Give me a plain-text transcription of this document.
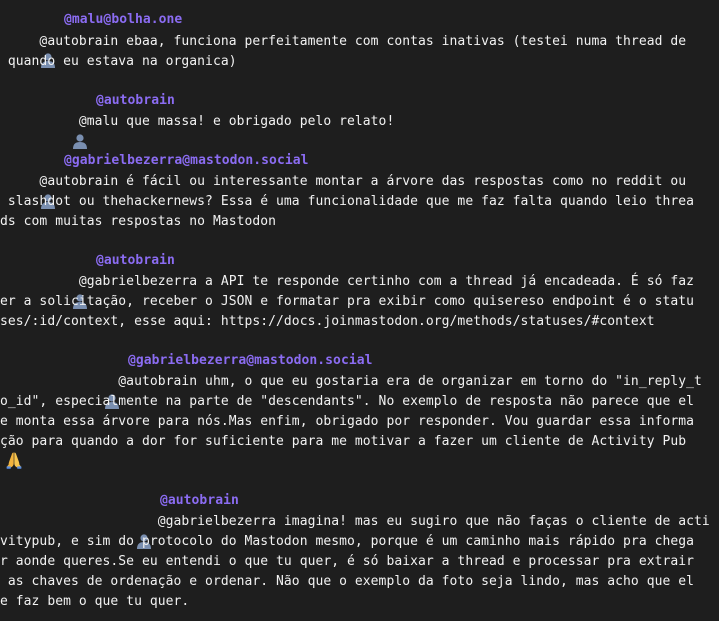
@malu@bolha.one

@autobrain ebaa, funciona perfeitamente com contas inativas (testei numa thread de
quando eu estava na organica)

@autobrain

@malu que massa! e obrigado pelo relato!

@gabrielbezerra@mastodon.social

@autobrain é fácil ou interessante montar a árvore das respostas como no reddit ou
slashdot ou thehackernews? Essa é uma funcionalidade que me faz falta quando leio threa
ds com muitas respostas no Mastodon

@autobrain

@gabrielbezerra a API te responde certinho com a thread já encadeada. É só faz
er a solicitação, receber o JSON e formatar pra exibir como quisereso endpoint é o statu
ses/:id/context, esse aqui: https://docs.joinmastodon.org/methods/statuses/#context

@gabrielbezerra@mastodon.social

@autobrain uhm, o que eu gostaria era de organizar em torno do "in_reply_t
o_id", especialmente na parte de "descendants". No exemplo de resposta não parece que el
e monta essa árvore para nós.Mas enfim, obrigado por responder. Vou guardar essa informa
ção para quando a dor for suficiente para me motivar a fazer um cliente de Activity Pub

@autobrain

@gabrielbezerra imagina! mas eu sugiro que não faças o cliente de acti
vitypub, e sim do protocolo do Mastodon mesmo, porque é um caminho mais rápido pra chega
r aonde queres.Se eu entendi o que tu quer, é só baixar a thread e processar pra extrair
as chaves de ordenação e ordenar. Não que o exemplo da foto seja lindo, mas acho que el
e faz bem o que tu quer.
